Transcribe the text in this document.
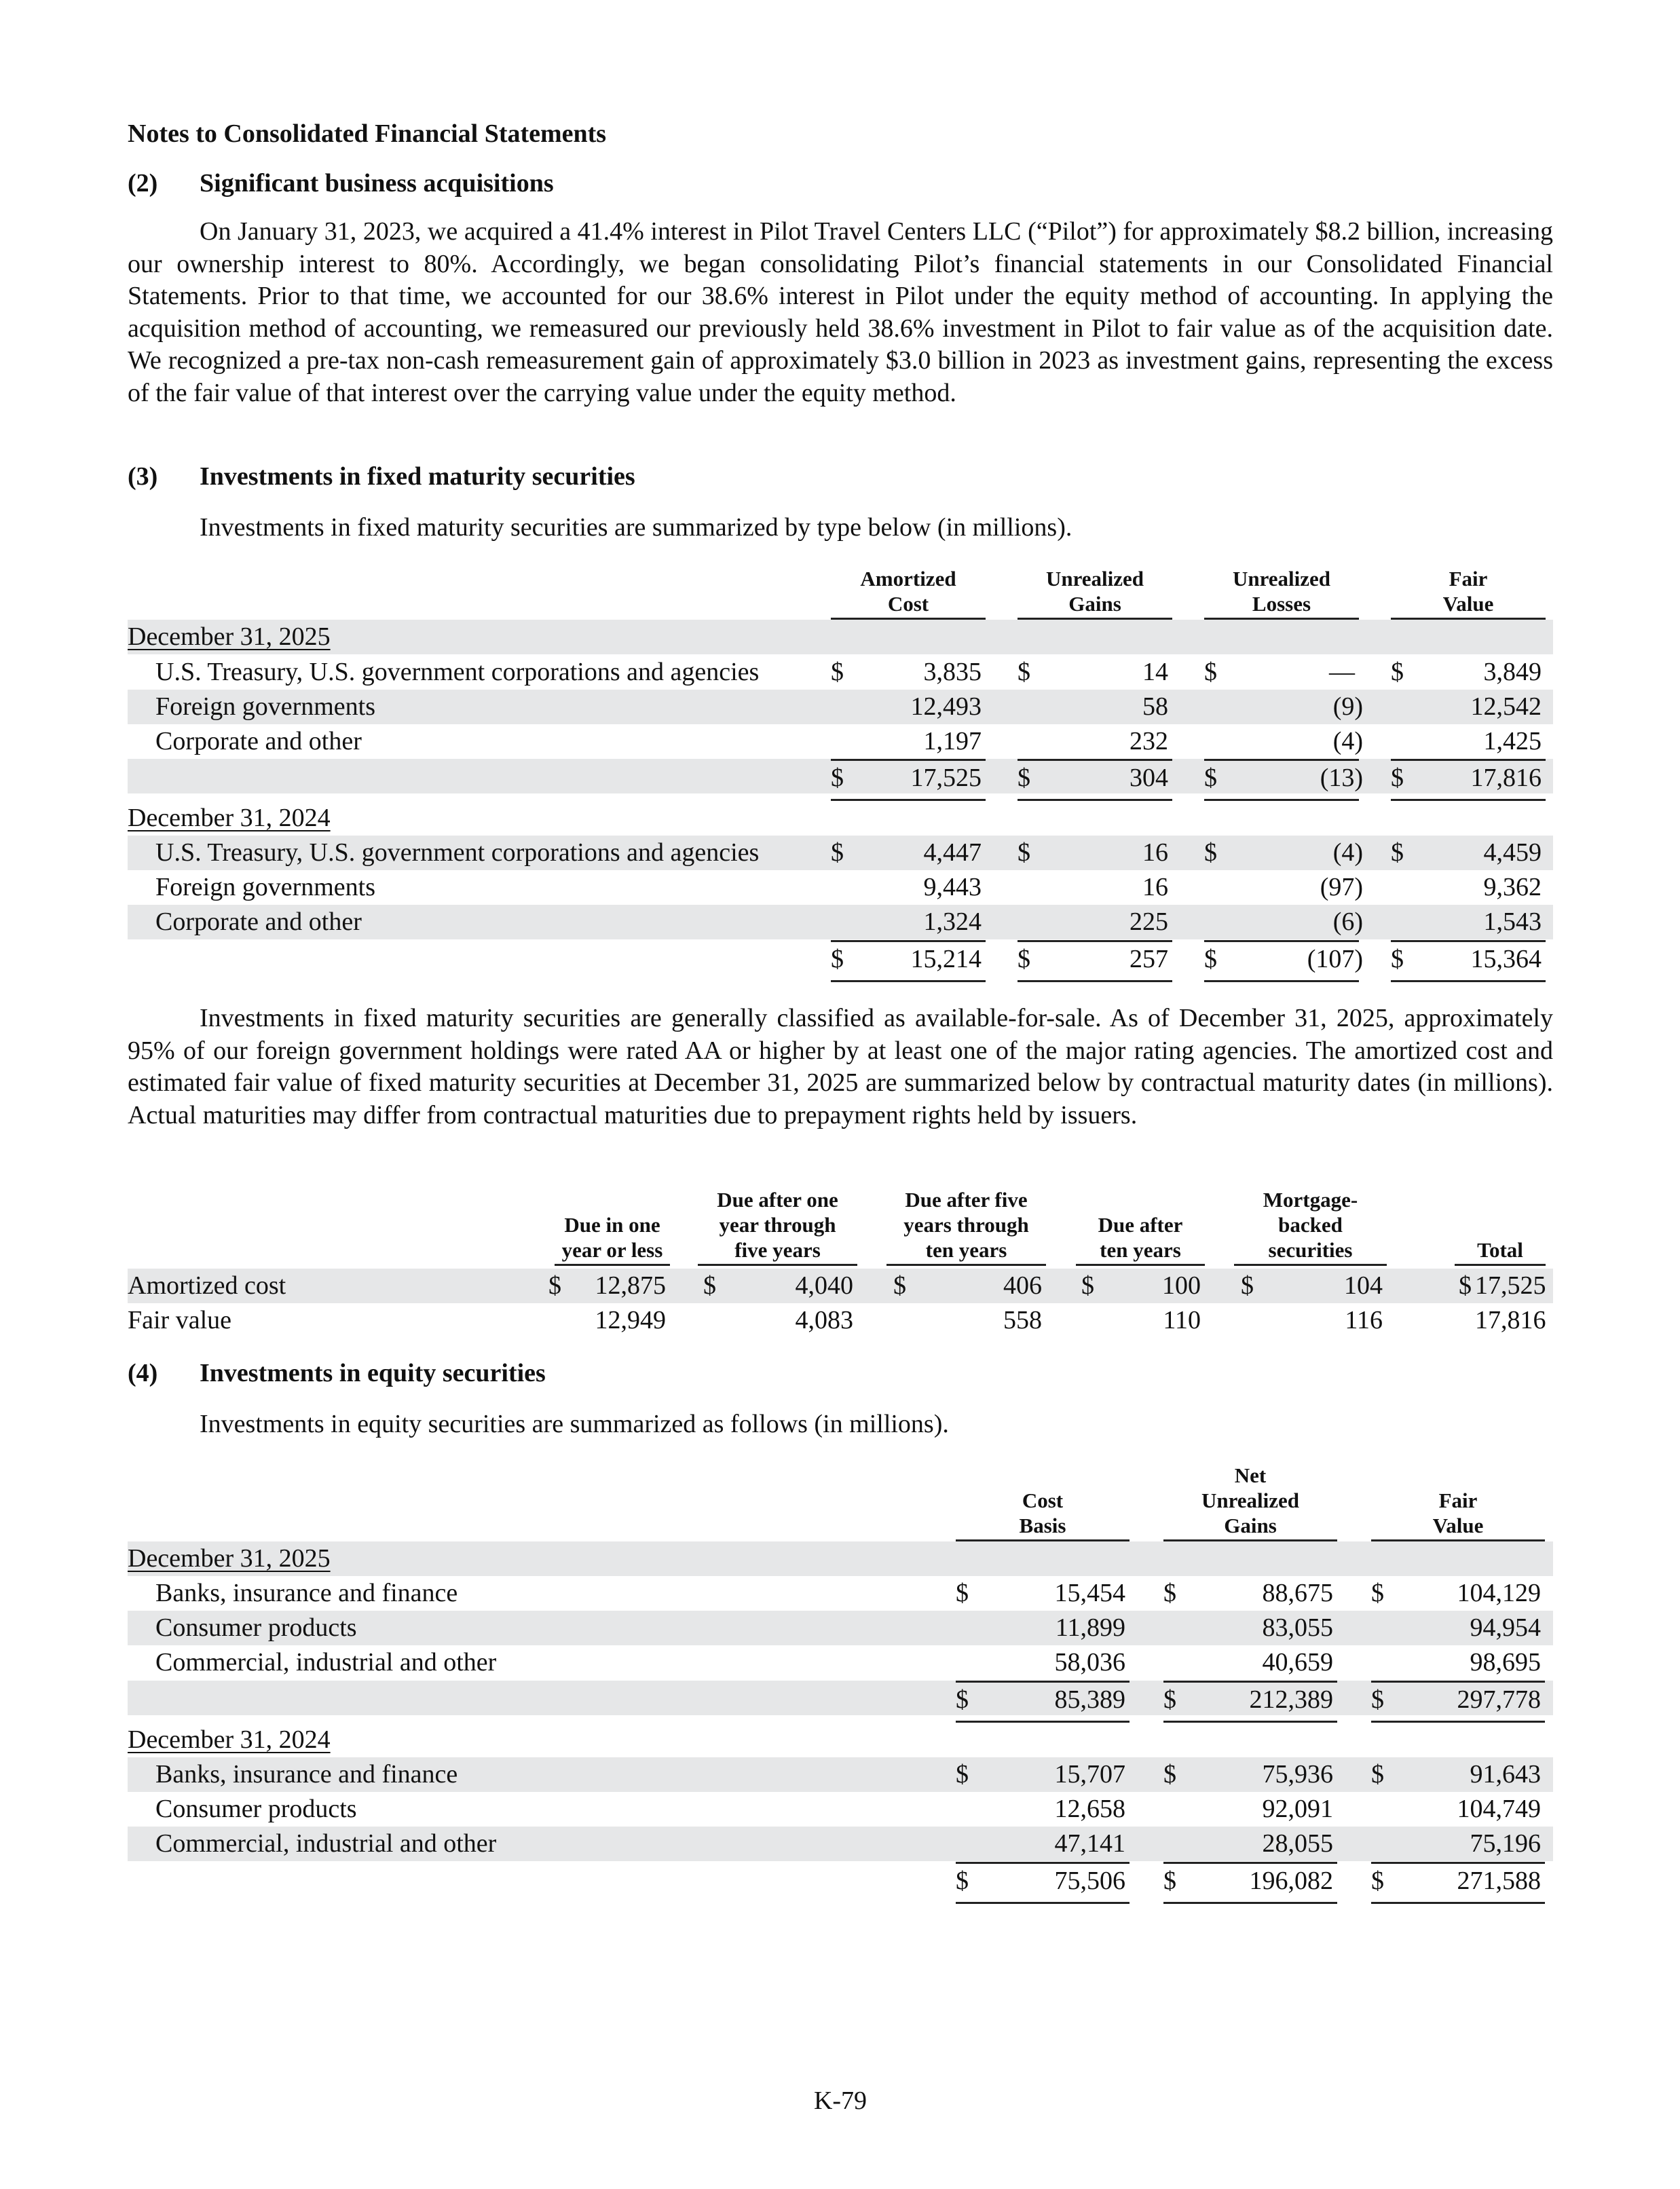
Notes to Consolidated Financial Statements
(2) Significant business acquisitions

On January 31, 2023, we acquired a 41.4% interest in Pilot Travel Centers LLC (“Pilot”) for approximately $8.2 billion, increasing our ownership interest to 80%. Accordingly, we began consolidating Pilot’s financial statements in our Consolidated Financial Statements. Prior to that time, we accounted for our 38.6% interest in Pilot under the equity method of accounting. In applying the acquisition method of accounting, we remeasured our previously held 38.6% investment in Pilot to fair value as of the acquisition date. We recognized a pre-tax non-cash remeasurement gain of approximately $3.0 billion in 2023 as investment gains, representing the excess of the fair value of that interest over the carrying value under the equity method.

(3) Investments in fixed maturity securities
Investments in fixed maturity securities are summarized by type below (in millions).
Amortized
Cost
Unrealized
Gains
Unrealized
Losses
Fair
Value
December 31, 2025
U.S. Treasury, U.S. government corporations and agencies	$	3,835 $	14 $	— $	3,849
Foreign governments	12,493	58	(9)	12,542
Corporate and other	1,197	232	(4)	1,425
$	17,525 $	304 $	(13) $	17,816
December 31, 2024
U.S. Treasury, U.S. government corporations and agencies	$	4,447 $	16 $	(4) $	4,459
Foreign governments	9,443	16	(97)	9,362
Corporate and other	1,324	225	(6)	1,543
$	15,214 $	257 $	(107) $	15,364

Investments in fixed maturity securities are generally classified as available-for-sale. As of December 31, 2025, approximately 95% of our foreign government holdings were rated AA or higher by at least one of the major rating agencies. The amortized cost and estimated fair value of fixed maturity securities at December 31, 2025 are summarized below by contractual maturity dates (in millions). Actual maturities may differ from contractual maturities due to prepayment rights held by issuers.

Due in one
year or less
Due after one
year through
five years
Due after five
years through
ten years
Due after
ten years
Mortgage-
backed
securities	Total
Amortized cost	$	12,875 $	4,040 $	406 $	100 $	104	$ 17,525
Fair value	12,949	4,083	558	110	116	17,816
(4) Investments in equity securities
Investments in equity securities are summarized as follows (in millions).
Cost
Basis
Net
Unrealized
Gains
Fair
Value
December 31, 2025
Banks, insurance and finance	$	15,454 $	88,675 $	104,129
Consumer products	11,899	83,055	94,954
Commercial, industrial and other	58,036	40,659	98,695
$	85,389 $	212,389 $	297,778
December 31, 2024
Banks, insurance and finance	$	15,707 $	75,936 $	91,643
Consumer products	12,658	92,091	104,749
Commercial, industrial and other	47,141	28,055	75,196
$	75,506 $	196,082 $	271,588
K-79
